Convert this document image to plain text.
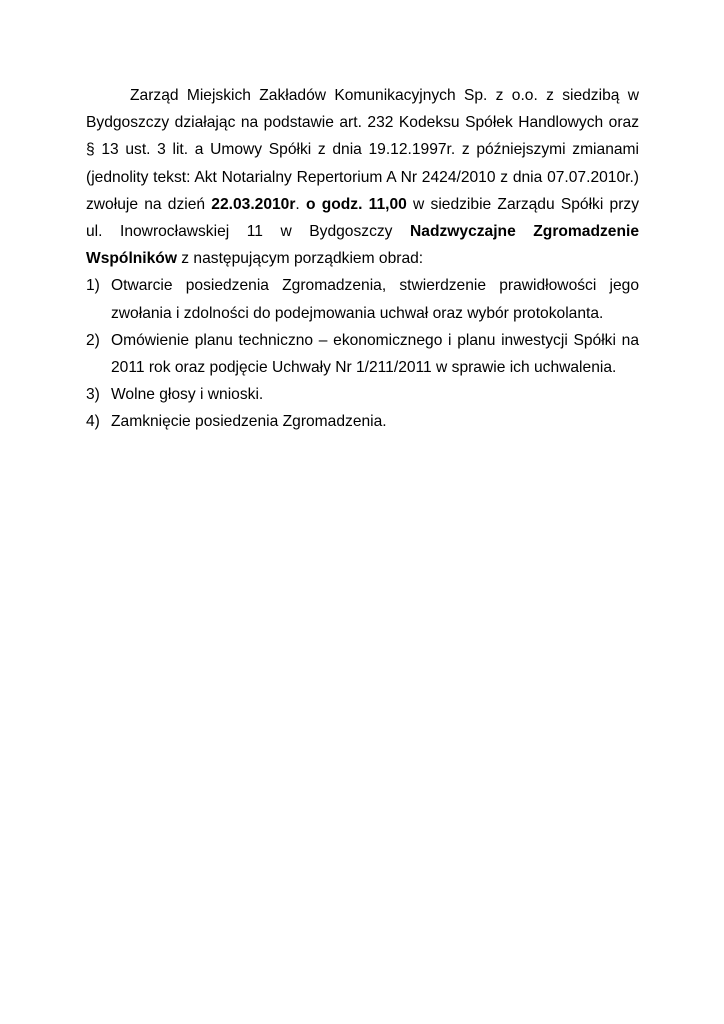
Zarząd Miejskich Zakładów Komunikacyjnych Sp. z o.o. z siedzibą w Bydgoszczy działając na podstawie art. 232 Kodeksu Spółek Handlowych oraz § 13 ust. 3 lit. a Umowy Spółki z dnia 19.12.1997r. z późniejszymi zmianami (jednolity tekst: Akt Notarialny Repertorium A Nr 2424/2010 z dnia 07.07.2010r.) zwołuje na dzień 22.03.2010r. o godz. 11,00 w siedzibie Zarządu Spółki przy ul. Inowrocławskiej 11 w Bydgoszczy Nadzwyczajne Zgromadzenie Wspólników z następującym porządkiem obrad:

1) Otwarcie posiedzenia Zgromadzenia, stwierdzenie prawidłowości jego zwołania i zdolności do podejmowania uchwał oraz wybór protokolanta.
2) Omówienie planu techniczno – ekonomicznego i planu inwestycji Spółki na 2011 rok oraz podjęcie Uchwały Nr 1/211/2011 w sprawie ich uchwalenia.
3) Wolne głosy i wnioski.
4) Zamknięcie posiedzenia Zgromadzenia.
